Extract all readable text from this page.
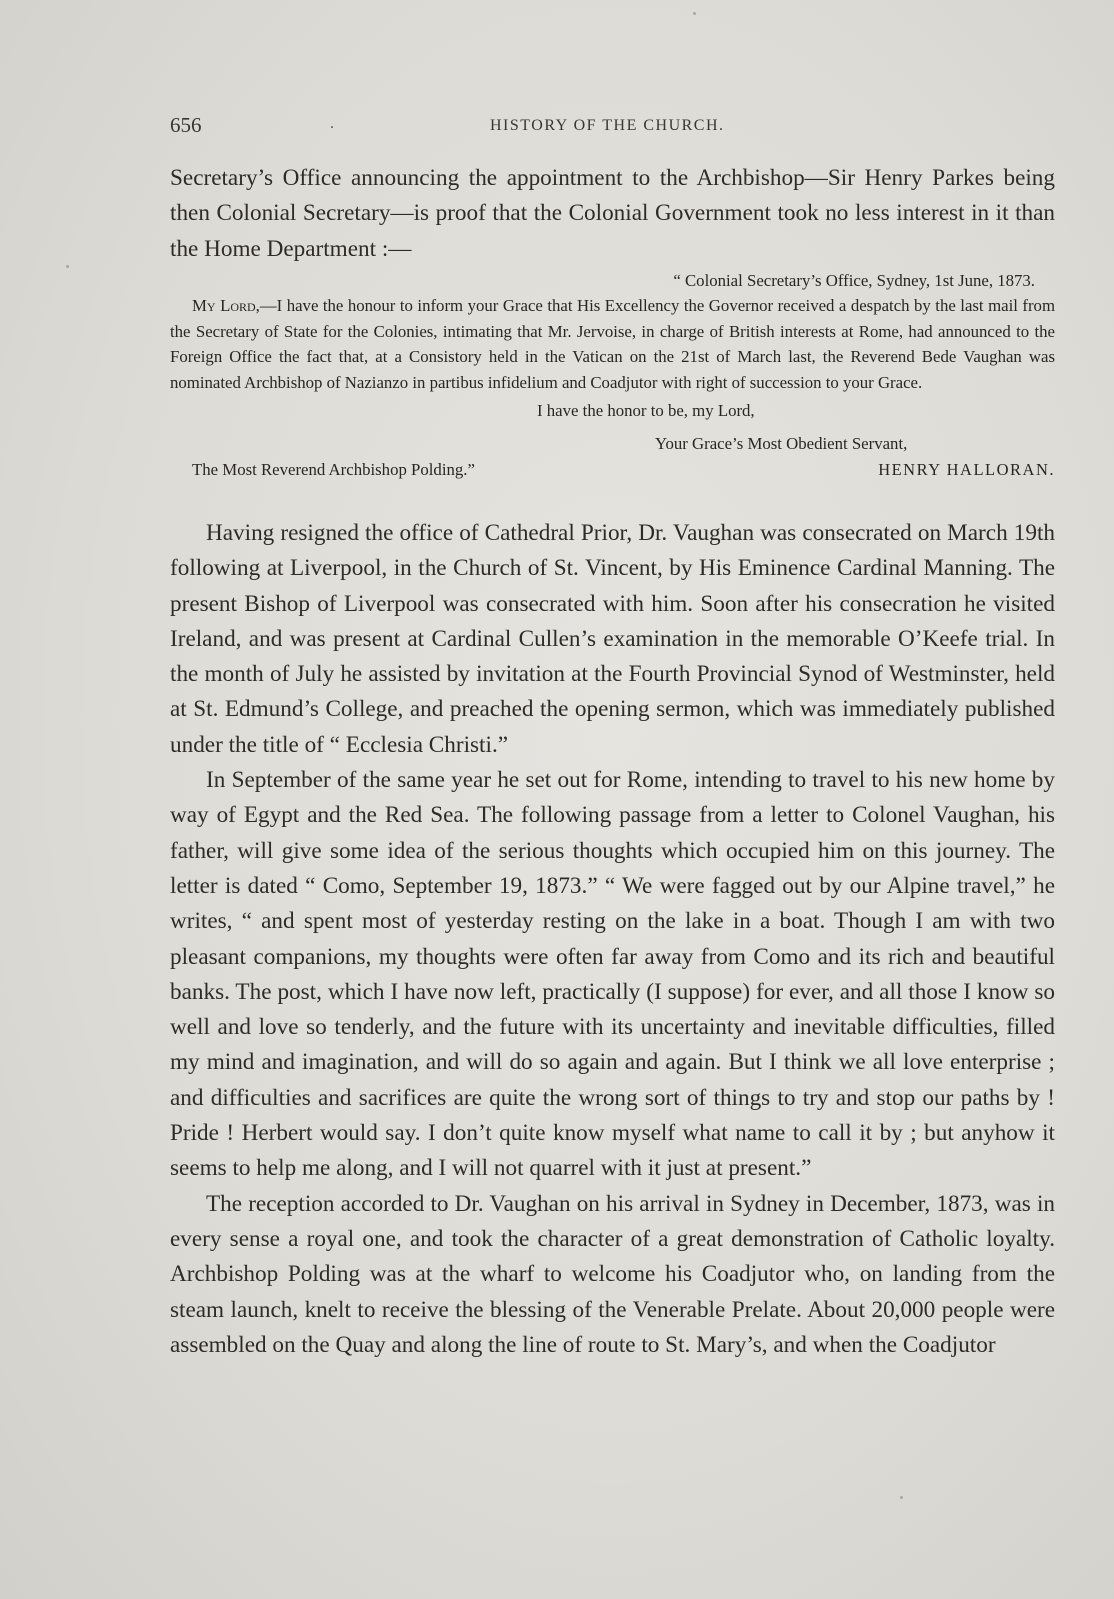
656	.	HISTORY OF THE CHURCH.

Secretary’s Office announcing the appointment to the Archbishop—Sir Henry Parkes being then Colonial Secretary—is proof that the Colonial Government took no less interest in it than the Home Department :—

“ Colonial Secretary’s Office, Sydney, 1st June, 1873.
My Lord,—I have the honour to inform your Grace that His Excellency the Governor received a despatch by the last mail from the Secretary of State for the Colonies, intimating that Mr. Jervoise, in charge of British interests at Rome, had announced to the Foreign Office the fact that, at a Consistory held in the Vatican on the 21st of March last, the Reverend Bede Vaughan was nominated Archbishop of Nazianzo in partibus infidelium and Coadjutor with right of succession to your Grace.
I have the honor to be, my Lord,
Your Grace’s Most Obedient Servant,
The Most Reverend Archbishop Polding.”	HENRY HALLORAN.

Having resigned the office of Cathedral Prior, Dr. Vaughan was consecrated on March 19th following at Liverpool, in the Church of St. Vincent, by His Eminence Cardinal Manning. The present Bishop of Liverpool was consecrated with him. Soon after his consecration he visited Ireland, and was present at Cardinal Cullen’s examination in the memorable O’Keefe trial. In the month of July he assisted by invitation at the Fourth Provincial Synod of Westminster, held at St. Edmund’s College, and preached the opening sermon, which was immediately published under the title of “ Ecclesia Christi.”

In September of the same year he set out for Rome, intending to travel to his new home by way of Egypt and the Red Sea. The following passage from a letter to Colonel Vaughan, his father, will give some idea of the serious thoughts which occupied him on this journey. The letter is dated “ Como, September 19, 1873.” “ We were fagged out by our Alpine travel,” he writes, “ and spent most of yesterday resting on the lake in a boat. Though I am with two pleasant companions, my thoughts were often far away from Como and its rich and beautiful banks. The post, which I have now left, practically (I suppose) for ever, and all those I know so well and love so tenderly, and the future with its uncertainty and inevitable difficulties, filled my mind and imagination, and will do so again and again. But I think we all love enterprise ; and difficulties and sacrifices are quite the wrong sort of things to try and stop our paths by ! Pride ! Herbert would say. I don’t quite know myself what name to call it by ; but anyhow it seems to help me along, and I will not quarrel with it just at present.”

The reception accorded to Dr. Vaughan on his arrival in Sydney in December, 1873, was in every sense a royal one, and took the character of a great demonstration of Catholic loyalty. Archbishop Polding was at the wharf to welcome his Coadjutor who, on landing from the steam launch, knelt to receive the blessing of the Venerable Prelate. About 20,000 people were assembled on the Quay and along the line of route to St. Mary’s, and when the Coadjutor
